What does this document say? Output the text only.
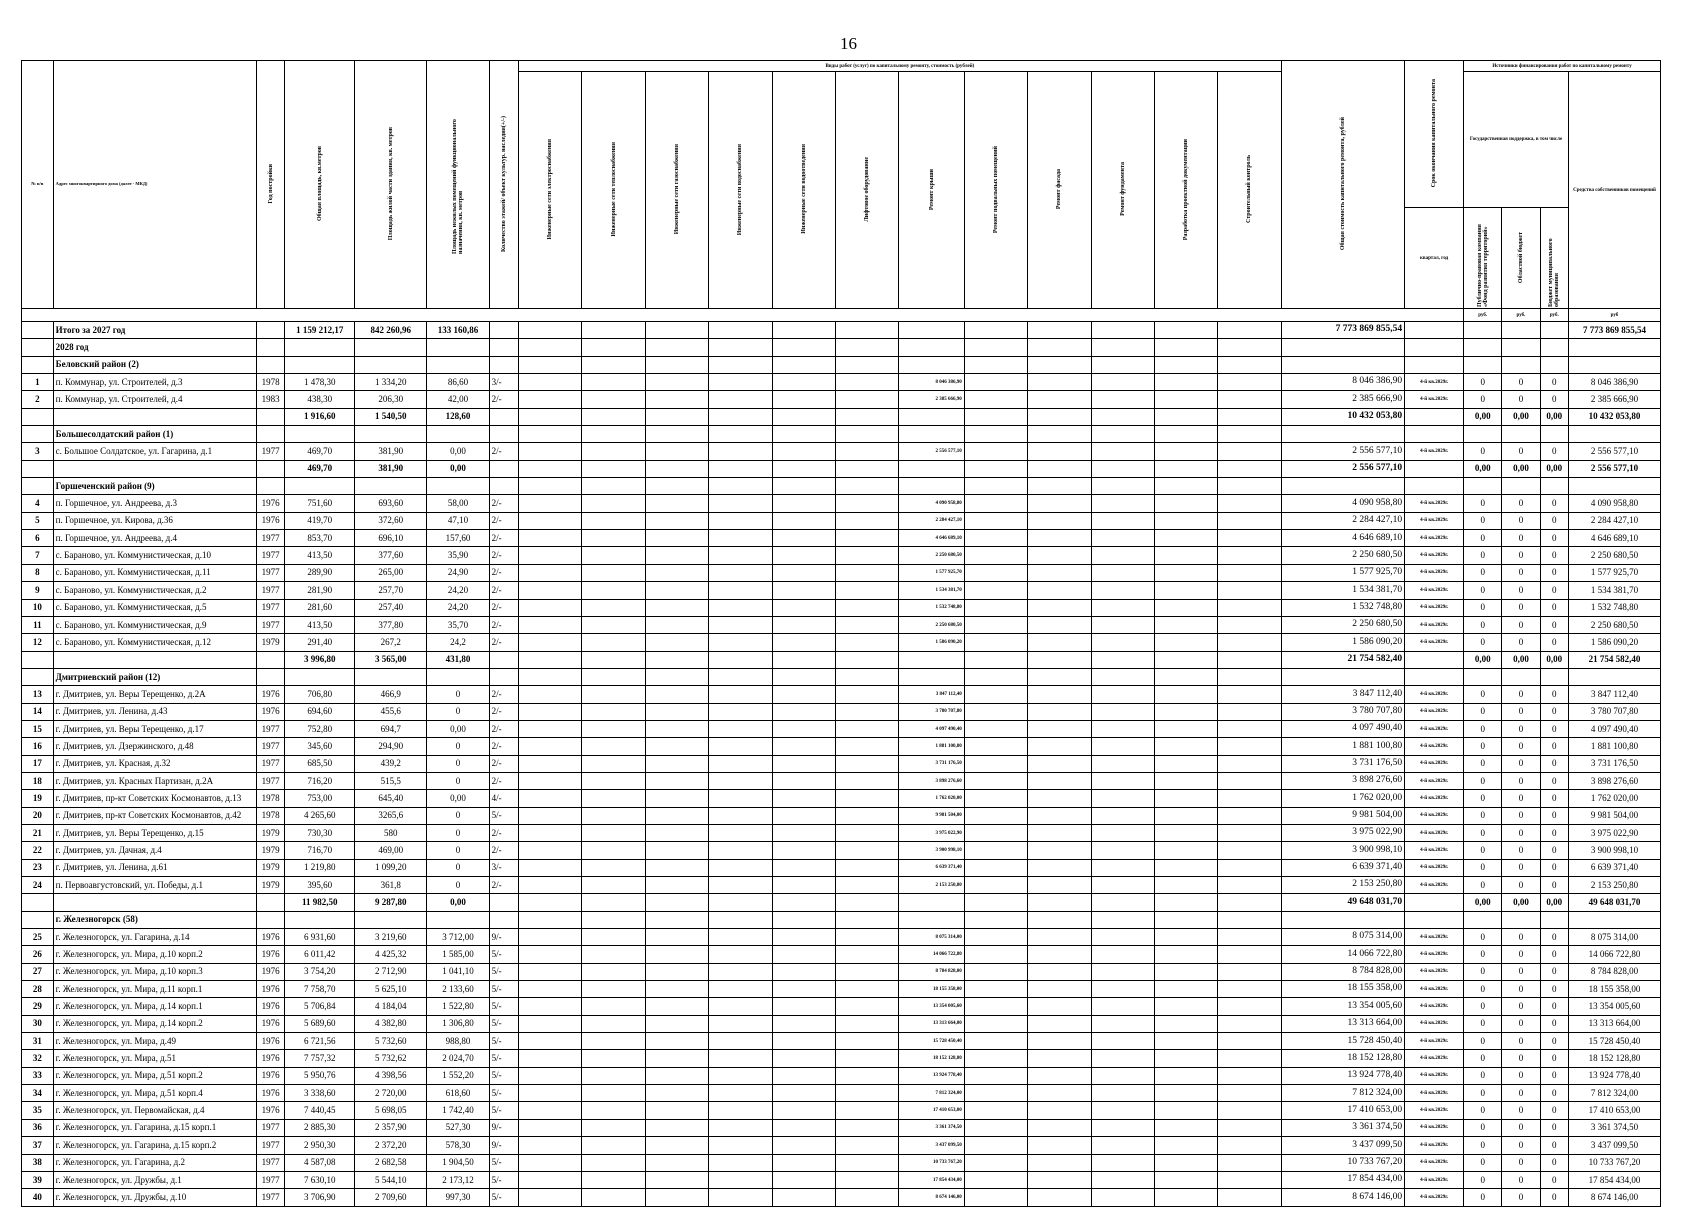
16
№ п/п	Адрес многоквартирного дома (далее - МКД)	Год постройки	Общая площадь, кв.метров	Площадь жилой части здания, кв. метров	Площадь нежилых помещений функционального назначения, кв. метров	Количество этажей/ объект культур. наследия(+/-)	Виды работ (услуг) по капитальному ремонту, стоимость (рублей)												Общая стоимость капитального ремонта, рублей	Срок окончания капитального ремонта	Источники финансирования работ по капитальному ремонту			
							Инженерные сети электроснабжения	Инженерные сети теплоснабжения	Инженерные сети газоснабжения	Инженерные сети водоснабжения	Инженерные сети водоотведения	Лифтовое оборудование	Ремонт крыши	Ремонт подвальных помещений	Ремонт фасада	Ремонт фундамента	Разработка проектной документации	Строительный контроль			Государственная поддержка, в том числе			Средства собственников помещений
																				квартал, год	Публично-правовая компания «Фонд развития территорий»	Областной бюджет	Бюджет муниципального образования	
																					руб.	руб.	руб.	руб
	Итого за 2027 год		1 159 212,17	842 260,96	133 160,86														7 773 869 855,54					7 773 869 855,54
	2028 год																							
	Беловский район (2)																							
1	п. Коммунар, ул. Строителей, д.3	1978	1 478,30	1 334,20	86,60	3/-							8 046 386,90						8 046 386,90	4-й кв.2029г.	0	0	0	8 046 386,90
2	п. Коммунар, ул. Строителей, д.4	1983	438,30	206,30	42,00	2/-							2 385 666,90						2 385 666,90	4-й кв.2029г.	0	0	0	2 385 666,90
			1 916,60	1 540,50	128,60														10 432 053,80		0,00	0,00	0,00	10 432 053,80
	Большесолдатский район (1)																							
3	с. Большое Солдатское, ул. Гагарина, д.1	1977	469,70	381,90	0,00	2/-							2 556 577,10						2 556 577,10	4-й кв.2029г.	0	0	0	2 556 577,10
			469,70	381,90	0,00														2 556 577,10		0,00	0,00	0,00	2 556 577,10
	Горшеченский район (9)																							
4	п. Горшечное, ул. Андреева, д.3	1976	751,60	693,60	58,00	2/-							4 090 958,80						4 090 958,80	4-й кв.2029г.	0	0	0	4 090 958,80
5	п. Горшечное, ул. Кирова, д.36	1976	419,70	372,60	47,10	2/-							2 284 427,10						2 284 427,10	4-й кв.2029г.	0	0	0	2 284 427,10
6	п. Горшечное, ул. Андреева, д.4	1977	853,70	696,10	157,60	2/-							4 646 689,10						4 646 689,10	4-й кв.2029г.	0	0	0	4 646 689,10
7	с. Бараново, ул. Коммунистическая, д.10	1977	413,50	377,60	35,90	2/-							2 250 680,50						2 250 680,50	4-й кв.2029г.	0	0	0	2 250 680,50
8	с. Бараново, ул. Коммунистическая, д.11	1977	289,90	265,00	24,90	2/-							1 577 925,70						1 577 925,70	4-й кв.2029г.	0	0	0	1 577 925,70
9	с. Бараново, ул. Коммунистическая, д.2	1977	281,90	257,70	24,20	2/-							1 534 381,70						1 534 381,70	4-й кв.2029г.	0	0	0	1 534 381,70
10	с. Бараново, ул. Коммунистическая, д.5	1977	281,60	257,40	24,20	2/-							1 532 748,80						1 532 748,80	4-й кв.2029г.	0	0	0	1 532 748,80
11	с. Бараново, ул. Коммунистическая, д.9	1977	413,50	377,80	35,70	2/-							2 250 680,50						2 250 680,50	4-й кв.2029г.	0	0	0	2 250 680,50
12	с. Бараново, ул. Коммунистическая, д.12	1979	291,40	267,2	24,2	2/-							1 586 090,20						1 586 090,20	4-й кв.2029г.	0	0	0	1 586 090,20
			3 996,80	3 565,00	431,80														21 754 582,40		0,00	0,00	0,00	21 754 582,40
	Дмитриевский район (12)																							
13	г. Дмитриев, ул. Веры Терещенко, д.2А	1976	706,80	466,9	0	2/-							3 847 112,40						3 847 112,40	4-й кв.2029г.	0	0	0	3 847 112,40
14	г. Дмитриев, ул. Ленина, д.43	1976	694,60	455,6	0	2/-							3 780 707,80						3 780 707,80	4-й кв.2029г.	0	0	0	3 780 707,80
15	г. Дмитриев, ул. Веры Терещенко, д.17	1977	752,80	694,7	0,00	2/-							4 097 490,40						4 097 490,40	4-й кв.2029г.	0	0	0	4 097 490,40
16	г. Дмитриев, ул. Дзержинского, д.48	1977	345,60	294,90	0	2/-							1 881 100,80						1 881 100,80	4-й кв.2029г.	0	0	0	1 881 100,80
17	г. Дмитриев, ул. Красная, д.32	1977	685,50	439,2	0	2/-							3 731 176,50						3 731 176,50	4-й кв.2029г.	0	0	0	3 731 176,50
18	г. Дмитриев, ул. Красных Партизан, д.2А	1977	716,20	515,5	0	2/-							3 898 276,60						3 898 276,60	4-й кв.2029г.	0	0	0	3 898 276,60
19	г. Дмитриев, пр-кт Советских Космонавтов, д.13	1978	753,00	645,40	0,00	4/-							1 762 020,00						1 762 020,00	4-й кв.2029г.	0	0	0	1 762 020,00
20	г. Дмитриев, пр-кт Советских Космонавтов, д.42	1978	4 265,60	3265,6	0	5/-							9 981 504,00						9 981 504,00	4-й кв.2029г.	0	0	0	9 981 504,00
21	г. Дмитриев, ул. Веры Терещенко, д.15	1979	730,30	580	0	2/-							3 975 022,90						3 975 022,90	4-й кв.2029г.	0	0	0	3 975 022,90
22	г. Дмитриев, ул. Дачная, д.4	1979	716,70	469,00	0	2/-							3 900 998,10						3 900 998,10	4-й кв.2029г.	0	0	0	3 900 998,10
23	г. Дмитриев, ул. Ленина, д.61	1979	1 219,80	1 099,20	0	3/-							6 639 371,40						6 639 371,40	4-й кв.2029г.	0	0	0	6 639 371,40
24	п. Первоавгустовский, ул. Победы, д.1	1979	395,60	361,8	0	2/-							2 153 250,80						2 153 250,80	4-й кв.2029г.	0	0	0	2 153 250,80
			11 982,50	9 287,80	0,00														49 648 031,70		0,00	0,00	0,00	49 648 031,70
	г. Железногорск (58)																							
25	г. Железногорск, ул. Гагарина, д.14	1976	6 931,60	3 219,60	3 712,00	9/-							8 075 314,00						8 075 314,00	4-й кв.2029г.	0	0	0	8 075 314,00
26	г. Железногорск, ул. Мира, д.10 корп.2	1976	6 011,42	4 425,32	1 585,00	5/-							14 066 722,80						14 066 722,80	4-й кв.2029г.	0	0	0	14 066 722,80
27	г. Железногорск, ул. Мира, д.10 корп.3	1976	3 754,20	2 712,90	1 041,10	5/-							8 784 828,00						8 784 828,00	4-й кв.2029г.	0	0	0	8 784 828,00
28	г. Железногорск, ул. Мира, д.11 корп.1	1976	7 758,70	5 625,10	2 133,60	5/-							18 155 358,00						18 155 358,00	4-й кв.2029г.	0	0	0	18 155 358,00
29	г. Железногорск, ул. Мира, д.14 корп.1	1976	5 706,84	4 184,04	1 522,80	5/-							13 354 005,60						13 354 005,60	4-й кв.2029г.	0	0	0	13 354 005,60
30	г. Железногорск, ул. Мира, д.14 корп.2	1976	5 689,60	4 382,80	1 306,80	5/-							13 313 664,00						13 313 664,00	4-й кв.2029г.	0	0	0	13 313 664,00
31	г. Железногорск, ул. Мира, д.49	1976	6 721,56	5 732,60	988,80	5/-							15 728 450,40						15 728 450,40	4-й кв.2029г.	0	0	0	15 728 450,40
32	г. Железногорск, ул. Мира, д.51	1976	7 757,32	5 732,62	2 024,70	5/-							18 152 128,80						18 152 128,80	4-й кв.2029г.	0	0	0	18 152 128,80
33	г. Железногорск, ул. Мира, д.51 корп.2	1976	5 950,76	4 398,56	1 552,20	5/-							13 924 778,40						13 924 778,40	4-й кв.2029г.	0	0	0	13 924 778,40
34	г. Железногорск, ул. Мира, д.51 корп.4	1976	3 338,60	2 720,00	618,60	5/-							7 812 324,00						7 812 324,00	4-й кв.2029г.	0	0	0	7 812 324,00
35	г. Железногорск, ул. Первомайская, д.4	1976	7 440,45	5 698,05	1 742,40	5/-							17 410 653,00						17 410 653,00	4-й кв.2029г.	0	0	0	17 410 653,00
36	г. Железногорск, ул. Гагарина, д.15 корп.1	1977	2 885,30	2 357,90	527,30	9/-							3 361 374,50						3 361 374,50	4-й кв.2029г.	0	0	0	3 361 374,50
37	г. Железногорск, ул. Гагарина, д.15 корп.2	1977	2 950,30	2 372,20	578,30	9/-							3 437 099,50						3 437 099,50	4-й кв.2029г.	0	0	0	3 437 099,50
38	г. Железногорск, ул. Гагарина, д.2	1977	4 587,08	2 682,58	1 904,50	5/-							10 733 767,20						10 733 767,20	4-й кв.2029г.	0	0	0	10 733 767,20
39	г. Железногорск, ул. Дружбы, д.1	1977	7 630,10	5 544,10	2 173,12	5/-							17 854 434,00						17 854 434,00	4-й кв.2029г.	0	0	0	17 854 434,00
40	г. Железногорск, ул. Дружбы, д.10	1977	3 706,90	2 709,60	997,30	5/-							8 674 146,00						8 674 146,00	4-й кв.2029г.	0	0	0	8 674 146,00
